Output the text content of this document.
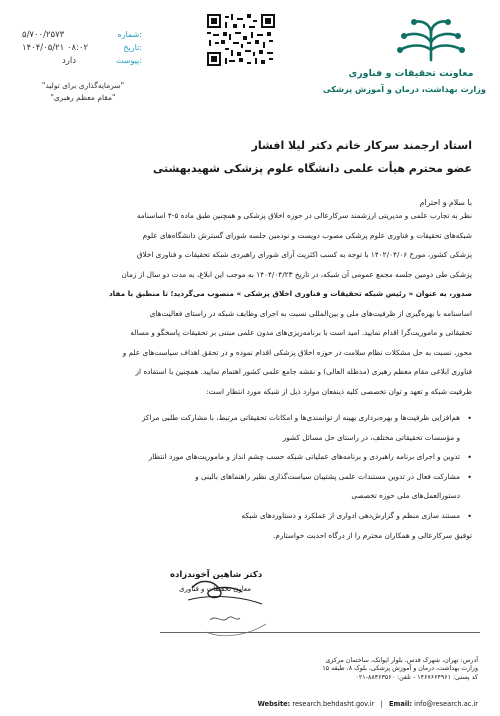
معاونت تحقیقات و فناوری
وزارت بهداشت، درمان و آموزش پزشکی
شماره:
۵/۷۰۰/۲۵۷۳
تاریخ:
۱۴۰۴/۰۵/۲۱ ۰۸:۰۲
پیوست:
دارد
"سرمایه‌گذاری برای تولید"
"مقام معظم رهبری"
استاد ارجمند سرکار خانم دکتر لیلا افشار
عضو محترم هیأت علمی دانشگاه علوم پزشکی شهیدبهشتی
با سلام و احترام
نظر به تجارب علمی و مدیریتی ارزشمند سرکارعالی در حوزه اخلاق پزشکی و همچنین طبق ماده ۵-۴ اساسنامه
شبکه‌های تحقیقات و فناوری علوم پزشکی مصوب دویست و نودمین جلسه شورای گسترش دانشگاه‌های علوم
پزشکی کشور، مورخ ۱۴۰۲/۰۴/۰۶ با توجه به کسب اکثریت آرای شورای راهبردی شبکه تحقیقات و فناوری اخلاق
پزشکی طی دومین جلسه مجمع عمومی آن شبکه، در تاریخ ۱۴۰۴/۰۴/۲۳ به موجب این ابلاغ، به مدت دو سال از زمان
صدور، به عنوان « رئیس شبکه تحقیقات و فناوری اخلاق پزشکی » منصوب می‌گردید؛ تا منطبق با مفاد
اساسنامه با بهره‌گیری از ظرفیت‌های ملی و بین‌المللی نسبت به اجرای وظایف شبکه در راستای فعالیت‌های
تحقیقاتی و ماموریت‌گرا اقدام نمایید. امید است با برنامه‌ریزی‌های مدون علمی مبتنی بر تحقیقات پاسخگو و مساله
محور، نسبت به حل مشکلات نظام سلامت در حوزه اخلاق پزشکی اقدام نموده و در تحقق اهداف سیاست‌های علم و
فناوری ابلاغی مقام معظم رهبری (مدظله العالی) و نقشه جامع علمی کشور اهتمام نمایید. همچنین با استفاده از
ظرفیت شبکه و تعهد و توان تخصصی کلیه ذینفعان موارد ذیل از شبکه مورد انتظار است:
•
هم‌افزایی ظرفیت‌ها و بهره‌برداری بهینه از توانمندی‌ها و امکانات تحقیقاتی مرتبط، با مشارکت طلبی مراکز
و مؤسسات تحقیقاتی مختلف، در راستای حل مسائل کشور
•
تدوین و اجرای برنامه راهبردی و برنامه‌های عملیاتی شبکه حسب چشم انداز و ماموریت‌های مورد انتظار
•
مشارکت فعال در تدوین مستندات علمی پشتیبان سیاست‌گذاری نظیر راهنماهای بالینی و
دستورالعمل‌های ملی حوزه تخصصی
•
مستند سازی منظم و گزارش‌دهی ادواری از عملکرد و دستاوردهای شبکه
توفیق سرکارعالی و همکاران محترم را از درگاه احدیت خواستارم.
دکتر شاهین آخوندزاده
معاون تحقیقات و فناوری
آدرس: تهران، شهرک قدس، بلوار ایوانک، ساختمان مرکزی
وزارت بهداشت، درمان و آموزش پزشکی، بلوک ۸، طبقه ۱۵
کد پستی: ۱۴۶۷۶۶۴۹۶۱ - تلفن: ۸۸۳۶۳۵۶۰-۰۲۱
Website: research.behdasht.gov.ir   |   Email: info@research.ac.ir
